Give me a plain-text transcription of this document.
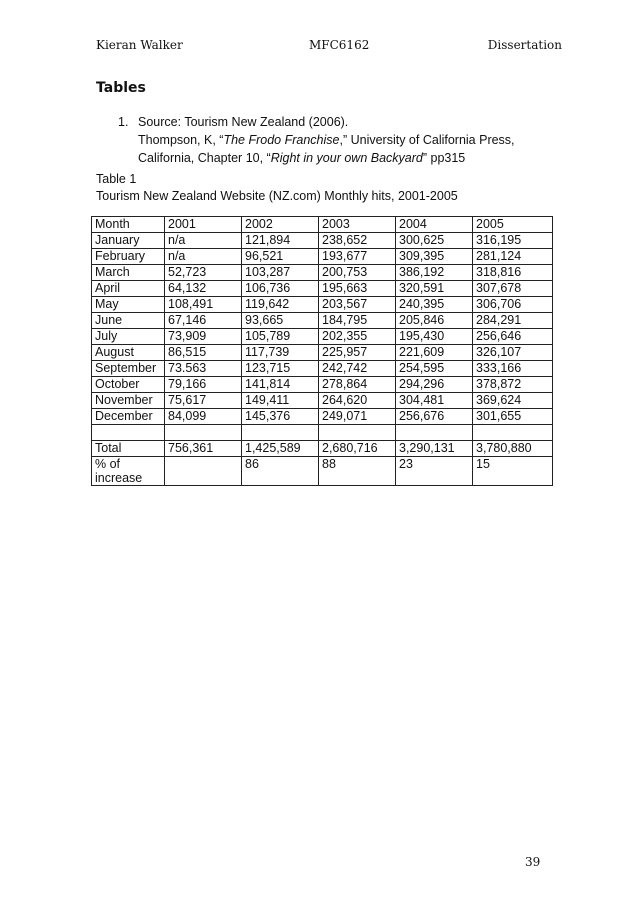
Kieran Walker	MFC6162	Dissertation
Tables
1. Source: Tourism New Zealand (2006).
Thompson, K, “The Frodo Franchise,” University of California Press,
California, Chapter 10, “Right in your own Backyard” pp315
Table 1
Tourism New Zealand Website (NZ.com) Monthly hits, 2001-2005
Month	2001	2002	2003	2004	2005
January	n/a	121,894	238,652	300,625	316,195
February	n/a	96,521	193,677	309,395	281,124
March	52,723	103,287	200,753	386,192	318,816
April	64,132	106,736	195,663	320,591	307,678
May	108,491	119,642	203,567	240,395	306,706
June	67,146	93,665	184,795	205,846	284,291
July	73,909	105,789	202,355	195,430	256,646
August	86,515	117,739	225,957	221,609	326,107
September	73.563	123,715	242,742	254,595	333,166
October	79,166	141,814	278,864	294,296	378,872
November	75,617	149,411	264,620	304,481	369,624
December	84,099	145,376	249,071	256,676	301,655

Total	756,361	1,425,589	2,680,716	3,290,131	3,780,880
% of increase		86	88	23	15
39
